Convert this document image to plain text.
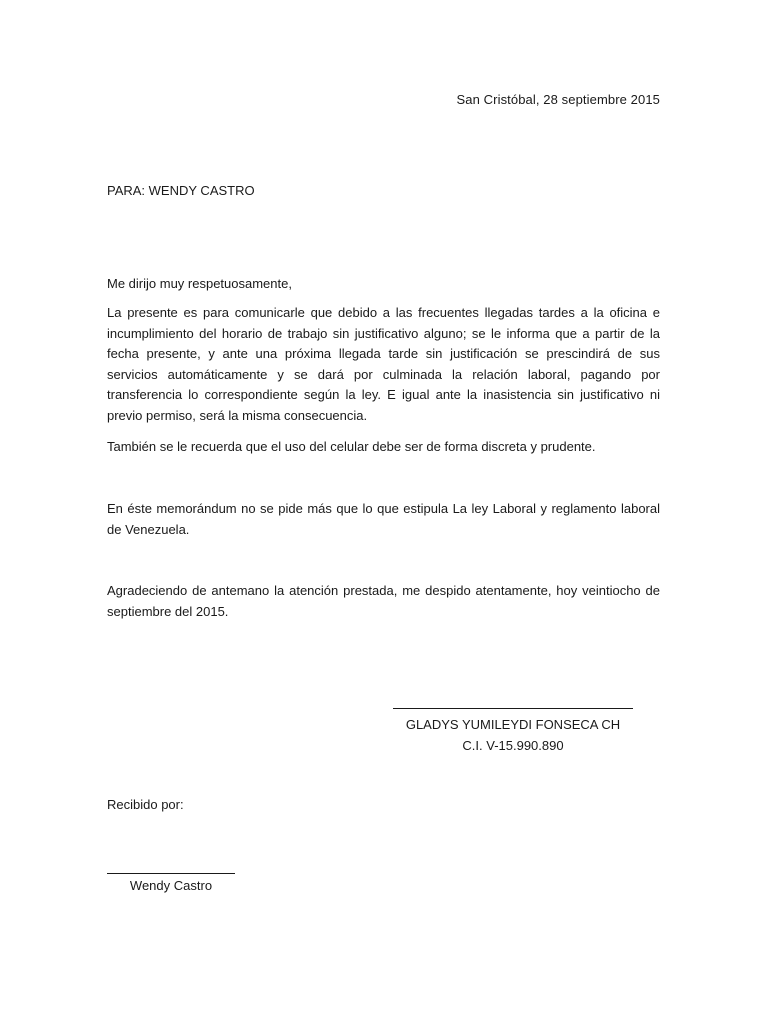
San Cristóbal, 28 septiembre 2015
PARA: WENDY CASTRO
Me dirijo muy respetuosamente,
La presente es para comunicarle que debido a las frecuentes llegadas tardes a la oficina e incumplimiento del horario de trabajo sin justificativo alguno; se le informa que a partir de la fecha presente, y ante una próxima llegada tarde sin justificación se prescindirá de sus servicios automáticamente y se dará por culminada la relación laboral, pagando por transferencia lo correspondiente según la ley. E igual ante la inasistencia sin justificativo ni previo permiso, será la misma consecuencia.
También se le recuerda que el uso del celular debe ser de forma discreta y prudente.
En éste memorándum no se pide más que lo que estipula La ley Laboral y reglamento laboral de Venezuela.
Agradeciendo de antemano la atención prestada, me despido atentamente, hoy veintiocho de septiembre del 2015.
GLADYS YUMILEYDI FONSECA CH
C.I. V-15.990.890
Recibido por:
Wendy Castro
